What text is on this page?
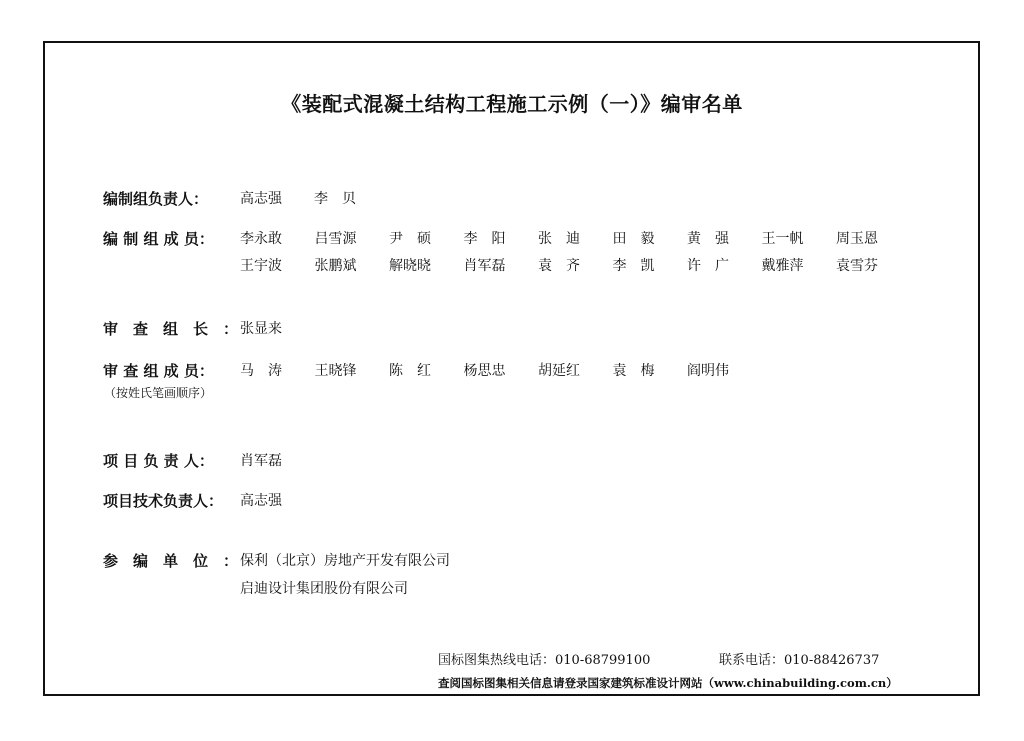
《装配式混凝土结构工程施工示例（一）》编审名单
编制组负责人： 高志强 李　贝
编 制 组 成 员： 李永敢 吕雪源 尹　硕 李　阳 张　迪 田　毅 黄　强 王一帆 周玉恩
王宇波 张鹏斌 解晓晓 肖军磊 袁　齐 李　凯 许　广 戴雅萍 袁雪芬
审　查　组　长　： 张显来
审 查 组 成 员：
（按姓氏笔画顺序）
马　涛 王晓锋 陈　红 杨思忠 胡延红 袁　梅 阎明伟
项 目 负 责 人： 肖军磊
项目技术负责人： 高志强
参　编　单　位　： 保利（北京）房地产开发有限公司
启迪设计集团股份有限公司
国标图集热线电话：010-68799100	联系电话：010-88426737
查阅国标图集相关信息请登录国家建筑标准设计网站（www.chinabuilding.com.cn）
